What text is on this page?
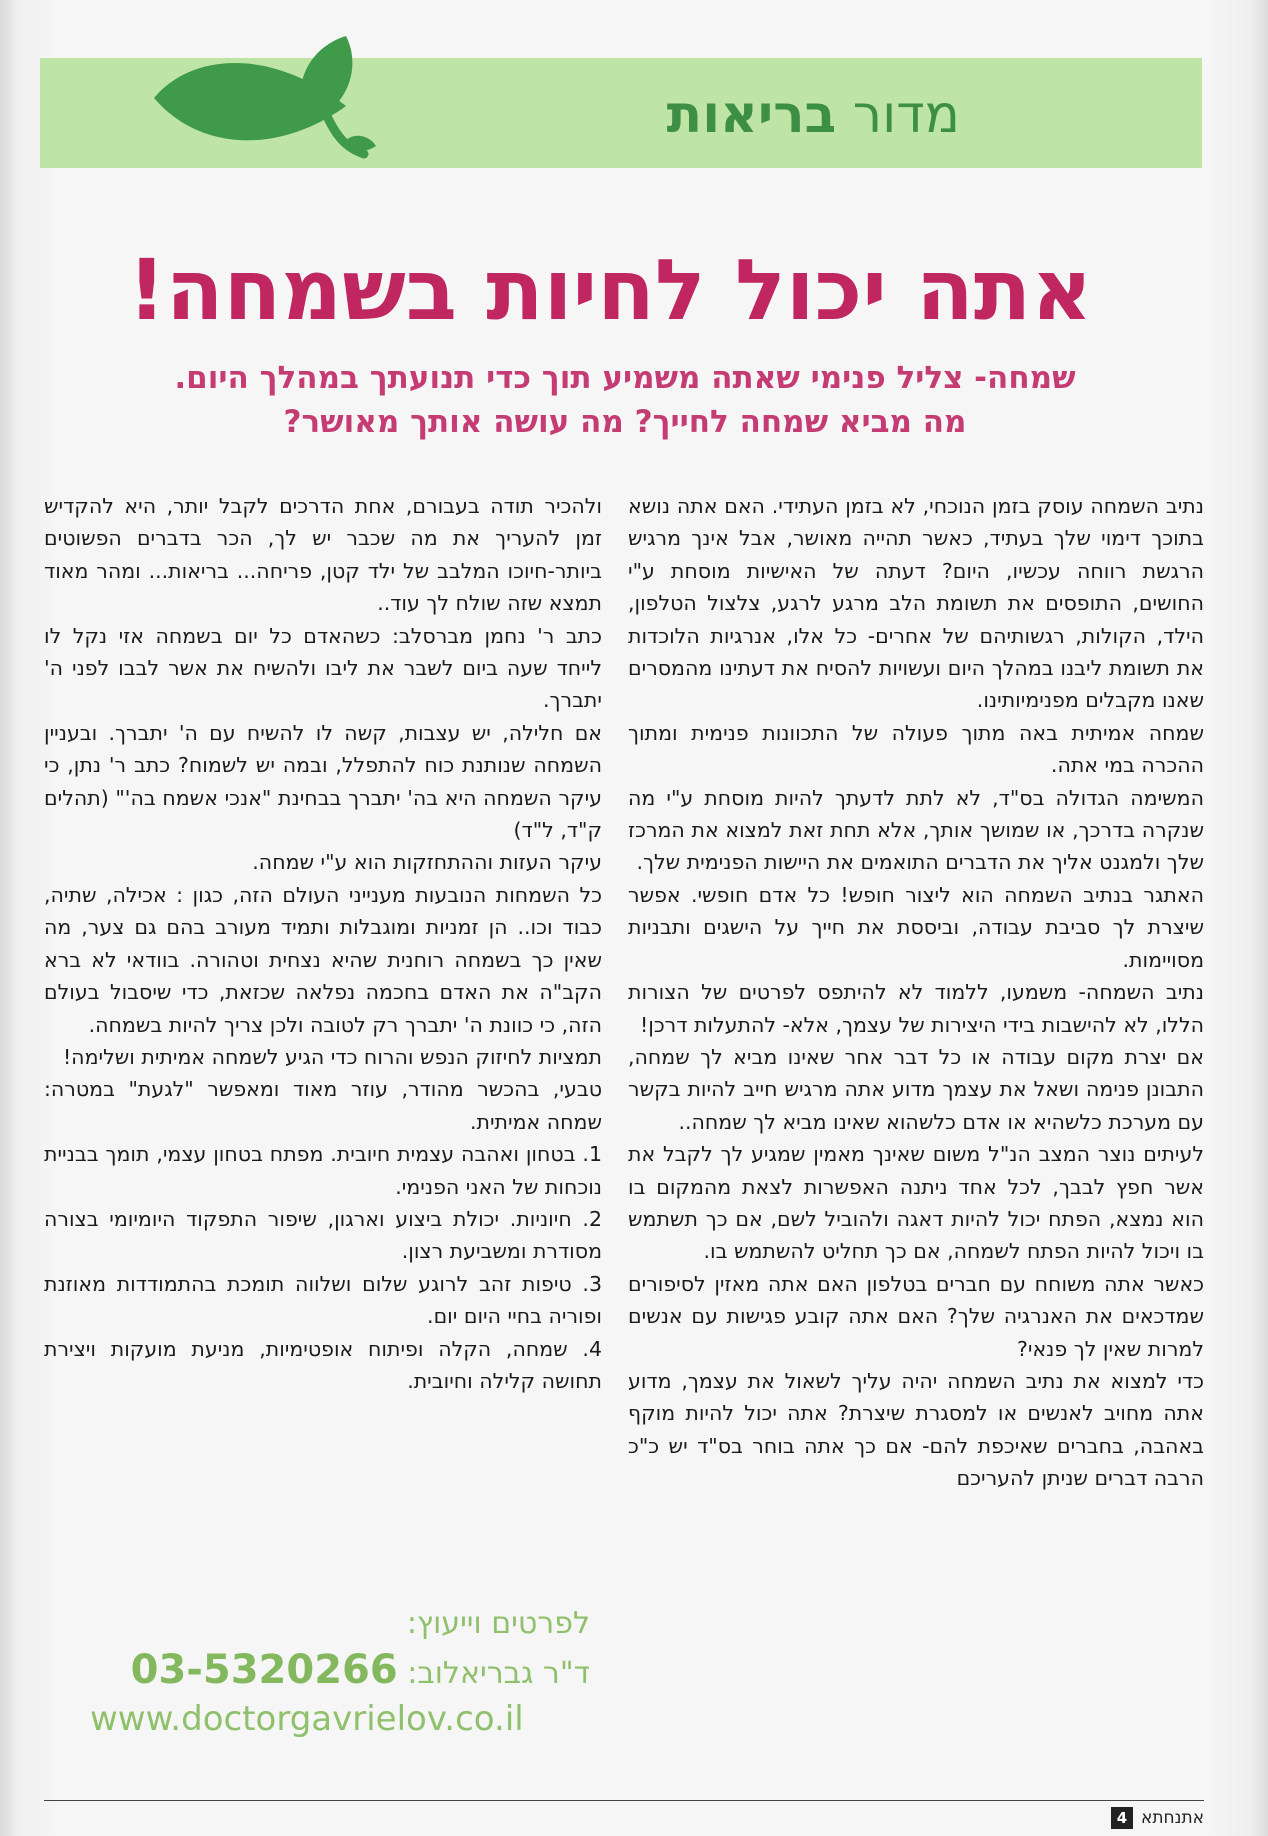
מדור בריאות
אתה יכול לחיות בשמחה!
שמחה- צליל פנימי שאתה משמיע תוך כדי תנועתך במהלך היום.
מה מביא שמחה לחייך? מה עושה אותך מאושר?

נתיב השמחה עוסק בזמן הנוכחי, לא בזמן העתידי. האם אתה נושא בתוכך דימוי שלך בעתיד, כאשר תהייה מאושר, אבל אינך מרגיש הרגשת רווחה עכשיו, היום? דעתה של האישיות מוסחת ע"י החושים, התופסים את תשומת הלב מרגע לרגע, צלצול הטלפון, הילד, הקולות, רגשותיהם של אחרים- כל אלו, אנרגיות הלוכדות את תשומת ליבנו במהלך היום ועשויות להסיח את דעתינו מהמסרים שאנו מקבלים מפנימיותינו.

שמחה אמיתית באה מתוך פעולה של התכוונות פנימית ומתוך ההכרה במי אתה.

המשימה הגדולה בס"ד, לא לתת לדעתך להיות מוסחת ע"י מה שנקרה בדרכך, או שמושך אותך, אלא תחת זאת למצוא את המרכז שלך ולמגנט אליך את הדברים התואמים את היישות הפנימית שלך.

האתגר בנתיב השמחה הוא ליצור חופש! כל אדם חופשי. אפשר שיצרת לך סביבת עבודה, וביססת את חייך על הישגים ותבניות מסויימות.

נתיב השמחה- משמעו, ללמוד לא להיתפס לפרטים של הצורות הללו, לא להישבות בידי היצירות של עצמך, אלא- להתעלות דרכן!

אם יצרת מקום עבודה או כל דבר אחר שאינו מביא לך שמחה, התבונן פנימה ושאל את עצמך מדוע אתה מרגיש חייב להיות בקשר עם מערכת כלשהיא או אדם כלשהוא שאינו מביא לך שמחה..

לעיתים נוצר המצב הנ"ל משום שאינך מאמין שמגיע לך לקבל את אשר חפץ לבבך, לכל אחד ניתנה האפשרות לצאת מהמקום בו הוא נמצא, הפתח יכול להיות דאגה ולהוביל לשם, אם כך תשתמש בו ויכול להיות הפתח לשמחה, אם כך תחליט להשתמש בו.

כאשר אתה משוחח עם חברים בטלפון האם אתה מאזין לסיפורים שמדכאים את האנרגיה שלך? האם אתה קובע פגישות עם אנשים למרות שאין לך פנאי?

כדי למצוא את נתיב השמחה יהיה עליך לשאול את עצמך, מדוע אתה מחויב לאנשים או למסגרת שיצרת? אתה יכול להיות מוקף באהבה, בחברים שאיכפת להם- אם כך אתה בוחר בס"ד יש כ"כ הרבה דברים שניתן להעריכם

ולהכיר תודה בעבורם, אחת הדרכים לקבל יותר, היא להקדיש זמן להעריך את מה שכבר יש לך, הכר בדברים הפשוטים ביותר-חיוכו המלבב של ילד קטן, פריחה... בריאות... ומהר מאוד תמצא שזה שולח לך עוד..

כתב ר' נחמן מברסלב: כשהאדם כל יום בשמחה אזי נקל לו לייחד שעה ביום לשבר את ליבו ולהשיח את אשר לבבו לפני ה' יתברך.

אם חלילה, יש עצבות, קשה לו להשיח עם ה' יתברך. ובעניין השמחה שנותנת כוח להתפלל, ובמה יש לשמוח? כתב ר' נתן, כי עיקר השמחה היא בה' יתברך בבחינת "אנכי אשמח בה'" (תהלים ק"ד, ל"ד)

עיקר העזות וההתחזקות הוא ע"י שמחה.

כל השמחות הנובעות מענייני העולם הזה, כגון : אכילה, שתיה, כבוד וכו.. הן זמניות ומוגבלות ותמיד מעורב בהם גם צער, מה שאין כך בשמחה רוחנית שהיא נצחית וטהורה. בוודאי לא ברא הקב"ה את האדם בחכמה נפלאה שכזאת, כדי שיסבול בעולם הזה, כי כוונת ה' יתברך רק לטובה ולכן צריך להיות בשמחה.

תמציות לחיזוק הנפש והרוח כדי הגיע לשמחה אמיתית ושלימה!

טבעי, בהכשר מהודר, עוזר מאוד ומאפשר "לגעת" במטרה: שמחה אמיתית.

1. בטחון ואהבה עצמית חיובית. מפתח בטחון עצמי, תומך בבניית נוכחות של האני הפנימי.

2. חיוניות. יכולת ביצוע וארגון, שיפור התפקוד היומיומי בצורה מסודרת ומשביעת רצון.

3. טיפות זהב לרוגע שלום ושלווה תומכת בהתמודדות מאוזנת ופוריה בחיי היום יום.

4. שמחה, הקלה ופיתוח אופטימיות, מניעת מועקות ויצירת תחושה קלילה וחיובית.

לפרטים וייעוץ:
ד"ר גבריאלוב: 03-5320266
www.doctorgavrielov.co.il
4 אתנחתא
